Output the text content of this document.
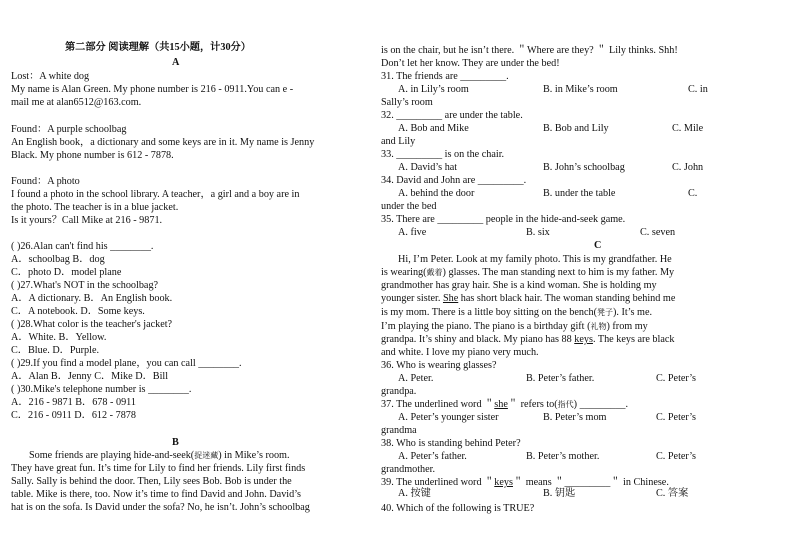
第二部分 阅读理解（共15小题，计30分）
A
Lost：A white dog
My name is Alan Green. My phone number is 216 - 0911.You can e -
mail me at alan6512@163.com.
Found：A purple schoolbag
An English book，a dictionary and some keys are in it. My name is Jenny
Black. My phone number is 612 - 7878.
Found：A photo
I found a photo in the school library. A teacher，a girl and a boy are in
the photo. The teacher is in a blue jacket.
Is it yours？Call Mike at 216 - 9871.
( )26.Alan can't find his ________.
A．schoolbag B．dog
C．photo D．model plane
( )27.What's NOT in the schoolbag?
A．A dictionary. B．An English book.
C．A notebook. D．Some keys.
( )28.What color is the teacher's jacket?
A．White. B．Yellow.
C．Blue. D．Purple.
( )29.If you find a model plane，you can call ________.
A．Alan B．Jenny C．Mike D．Bill
( )30.Mike's telephone number is ________.
A．216 - 9871 B．678 - 0911
C．216 - 0911 D．612 - 7878
B
Some friends are playing hide-and-seek(捉迷藏) in Mike’s room.
They have great fun. It’s time for Lily to find her friends. Lily first finds
Sally. Sally is behind the door. Then, Lily sees Bob. Bob is under the
table. Mike is there, too. Now it’s time to find David and John. David’s
hat is on the sofa. Is David under the sofa? No, he isn’t. John’s schoolbag
is on the chair, but he isn’t there. ＂Where are they? ＂ Lily thinks. Shh!
Don’t let her know. They are under the bed!
31. The friends are _________.
A. in Lily’s room	B. in Mike’s room	C. in
Sally’s room
32. _________ are under the table.
A. Bob and Mike	B. Bob and Lily	C. Mile
and Lily
33. _________ is on the chair.
A. David’s hat	B. John’s schoolbag	C. John
34. David and John are _________.
A. behind the door	B. under the table	C.
under the bed
35. There are _________ people in the hide-and-seek game.
A. five	B. six	C. seven
C
Hi, I’m Peter. Look at my family photo. This is my grandfather. He
is wearing(戴着) glasses. The man standing next to him is my father. My
grandmother has gray hair. She is a kind woman. She is holding my
younger sister. She has short black hair. The woman standing behind me
is my mom. There is a little boy sitting on the bench(凳子). It’s me.
I’m playing the piano. The piano is a birthday gift (礼物) from my
grandpa. It’s shiny and black. My piano has 88 keys. The keys are black
and white. I love my piano very much.
36. Who is wearing glasses?
A. Peter.	B. Peter’s father.	C. Peter’s
grandpa.
37. The underlined word ＂she＂ refers to(指代) _________.
A. Peter’s younger sister	B. Peter’s mom	C. Peter’s
grandma
38. Who is standing behind Peter?
A. Peter’s father.	B. Peter’s mother.	C. Peter’s
grandmother.
39. The underlined word ＂keys＂ means ＂_________＂ in Chinese.
A. 按键	B. 钥匙	C. 答案
40. Which of the following is TRUE?
